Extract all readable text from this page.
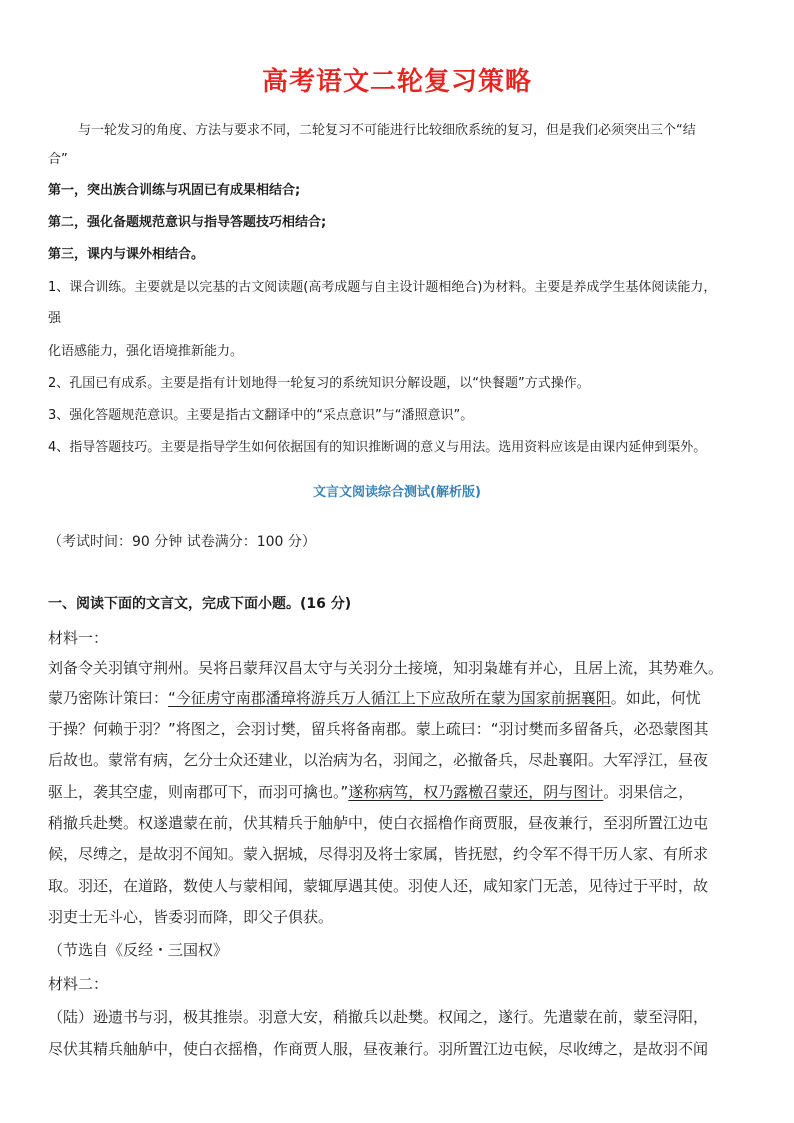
高考语文二轮复习策略
与一轮发习的角度、方法与要求不同，二轮复习不可能进行比较细欣系统的复习，但是我们必须突出三个“结
合”
第一，突出族合训练与巩固已有成果相结合;
第二，强化备题规范意识与指导答题技巧相结合;
第三，课内与课外相结合。
1、课合训练。主要就是以完基的古文阅读题(高考成题与自主设计题相绝合)为材料。主要是养成学生基体阅读能力，
强
化语感能力，强化语境推新能力。
2、孔国已有成系。主要是指有计划地得一轮复习的系统知识分解设题，以“快餐题”方式操作。
3、强化答题规范意识。主要是指古文翻译中的“采点意识”与“潘照意识”。
4、指导答题技巧。主要是指导学生如何依据国有的知识推断调的意义与用法。选用资料应该是由课内延伸到渠外。
文言文阅读综合测试(解析版)
（考试时间：90 分钟 试卷满分：100 分）
一、阅读下面的文言文，完成下面小题。(16 分)
材料一：
刘备令关羽镇守荆州。吴将吕蒙拜汉昌太守与关羽分土接境，知羽枭雄有并心，且居上流，其势难久。
蒙乃密陈计策曰：“今征虏守南郡潘璋将游兵万人循江上下应敌所在蒙为国家前据襄阳。如此，何忧
于操？何赖于羽？”将图之，会羽讨樊，留兵将备南郡。蒙上疏曰：“羽讨樊而多留备兵，必恐蒙图其
后故也。蒙常有病，乞分士众还建业，以治病为名，羽闻之，必撤备兵，尽赴襄阳。大军浮江，昼夜
驱上，袭其空虚，则南郡可下，而羽可擒也。”遂称病笃，权乃露檄召蒙还，阴与图计。羽果信之，
稍撤兵赴樊。权遂遣蒙在前，伏其精兵于舳舻中，使白衣摇橹作商贾服，昼夜兼行，至羽所置江边屯
候，尽缚之，是故羽不闻知。蒙入据城，尽得羽及将士家属，皆抚慰，约令军不得干历人家、有所求
取。羽还，在道路，数使人与蒙相闻，蒙辄厚遇其使。羽使人还，咸知家门无恙，见待过于平时，故
羽吏士无斗心，皆委羽而降，即父子俱获。
（节选自《反经・三国权》
材料二：
（陆）逊遗书与羽，极其推崇。羽意大安，稍撤兵以赴樊。权闻之，遂行。先遣蒙在前，蒙至浔阳，
尽伏其精兵舳舻中，使白衣摇橹，作商贾人服，昼夜兼行。羽所置江边屯候，尽收缚之，是故羽不闻
